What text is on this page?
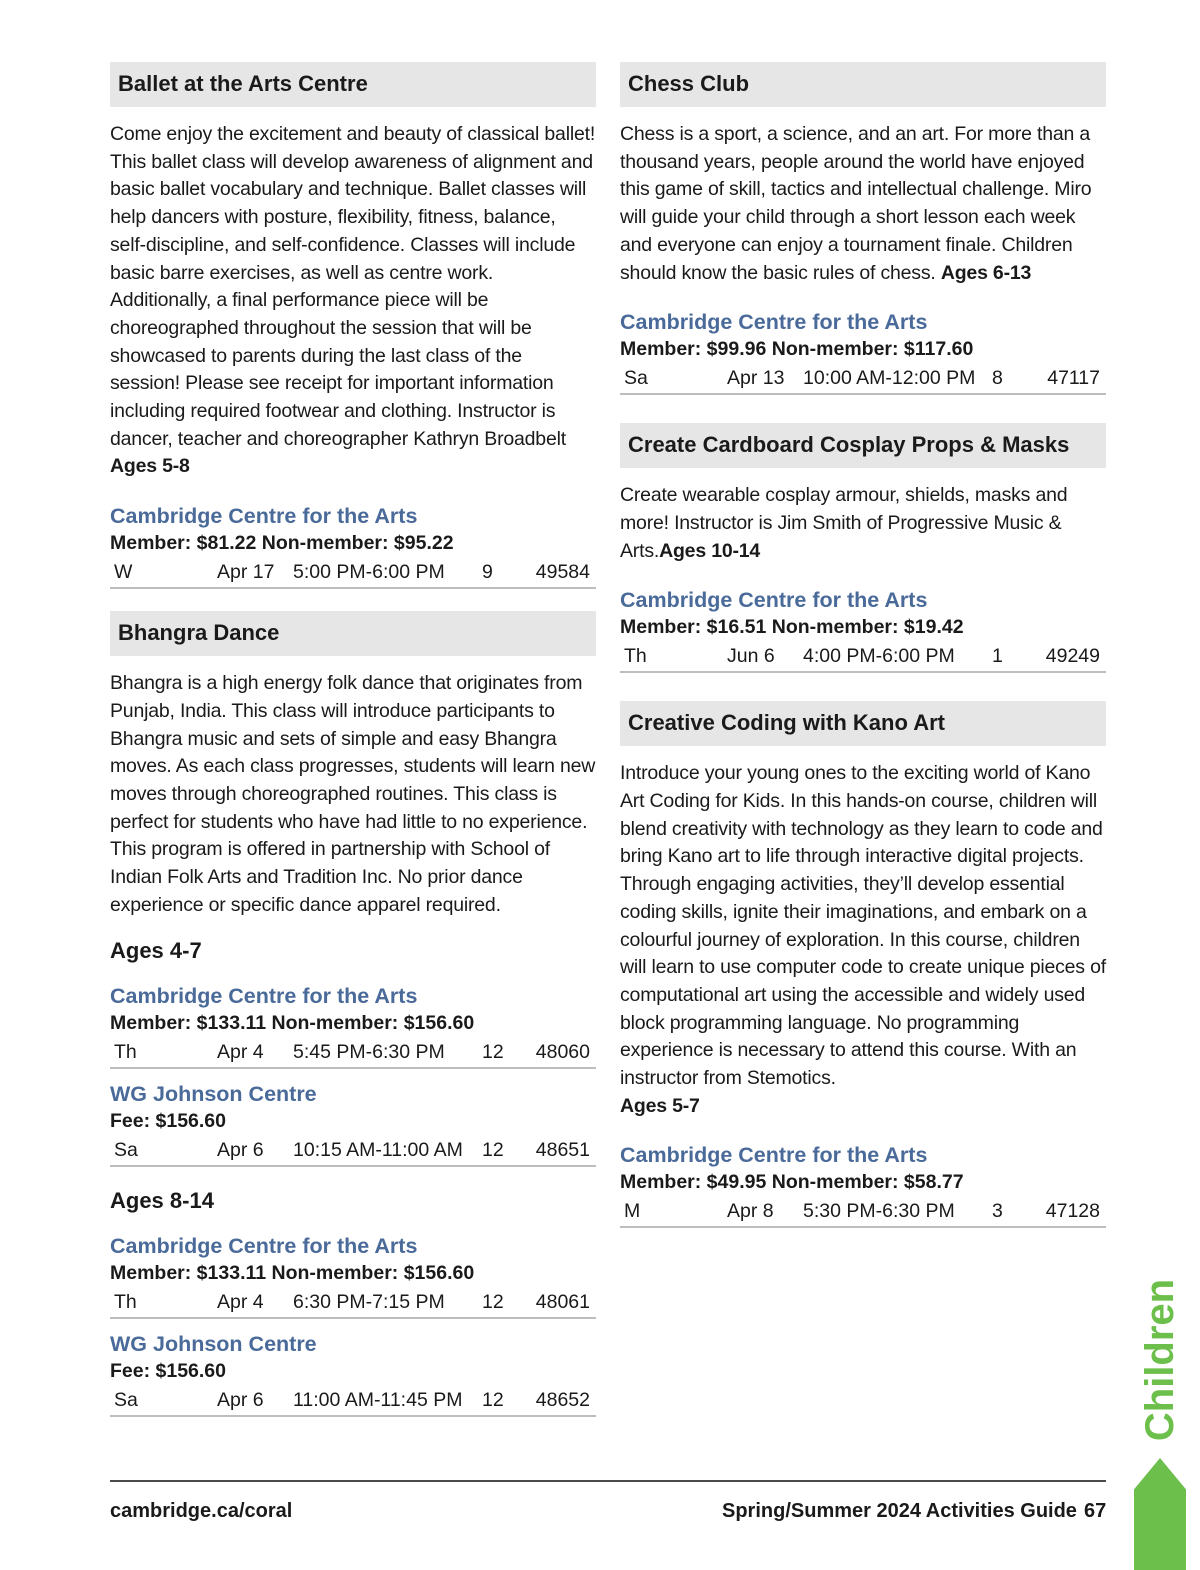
Ballet at the Arts Centre

Come enjoy the excitement and beauty of classical ballet! This ballet class will develop awareness of alignment and basic ballet vocabulary and technique. Ballet classes will help dancers with posture, flexibility, fitness, balance, self-discipline, and self-confidence. Classes will include basic barre exercises, as well as centre work. Additionally, a final performance piece will be choreographed throughout the session that will be showcased to parents during the last class of the session! Please see receipt for important information including required footwear and clothing. Instructor is dancer, teacher and choreographer Kathryn Broadbelt
Ages 5-8

Cambridge Centre for the Arts
Member: $81.22 Non-member: $95.22
W	Apr 17 5:00 PM-6:00 PM 9 49584
Bhangra Dance

Bhangra is a high energy folk dance that originates from Punjab, India. This class will introduce participants to Bhangra music and sets of simple and easy Bhangra moves. As each class progresses, students will learn new moves through choreographed routines. This class is perfect for students who have had little to no experience. This program is offered in partnership with School of Indian Folk Arts and Tradition Inc. No prior dance experience or specific dance apparel required.

Ages 4-7
Cambridge Centre for the Arts
Member: $133.11 Non-member: $156.60
Th	Apr 4 5:45 PM-6:30 PM 12 48060
WG Johnson Centre
Fee: $156.60
Sa	Apr 6 10:15 AM-11:00 AM 12 48651
Ages 8-14
Cambridge Centre for the Arts
Member: $133.11 Non-member: $156.60
Th	Apr 4 6:30 PM-7:15 PM 12 48061
WG Johnson Centre
Fee: $156.60
Sa	Apr 6 11:00 AM-11:45 PM 12 48652
Chess Club

Chess is a sport, a science, and an art. For more than a thousand years, people around the world have enjoyed this game of skill, tactics and intellectual challenge. Miro will guide your child through a short lesson each week and everyone can enjoy a tournament finale. Children should know the basic rules of chess. Ages 6-13

Cambridge Centre for the Arts
Member: $99.96 Non-member: $117.60
Sa	Apr 13 10:00 AM-12:00 PM 8 47117
Create Cardboard Cosplay Props & Masks

Create wearable cosplay armour, shields, masks and more! Instructor is Jim Smith of Progressive Music & Arts.Ages 10-14

Cambridge Centre for the Arts
Member: $16.51 Non-member: $19.42
Th	Jun 6 4:00 PM-6:00 PM 1 49249
Creative Coding with Kano Art

Introduce your young ones to the exciting world of Kano Art Coding for Kids. In this hands-on course, children will blend creativity with technology as they learn to code and bring Kano art to life through interactive digital projects. Through engaging activities, they’ll develop essential coding skills, ignite their imaginations, and embark on a colourful journey of exploration. In this course, children will learn to use computer code to create unique pieces of computational art using the accessible and widely used block programming language. No programming experience is necessary to attend this course. With an instructor from Stemotics.
Ages 5-7

Cambridge Centre for the Arts
Member: $49.95 Non-member: $58.77
M	Apr 8 5:30 PM-6:30 PM 3 47128
Children
cambridge.ca/coral	Spring/Summer 2024 Activities Guide 67
